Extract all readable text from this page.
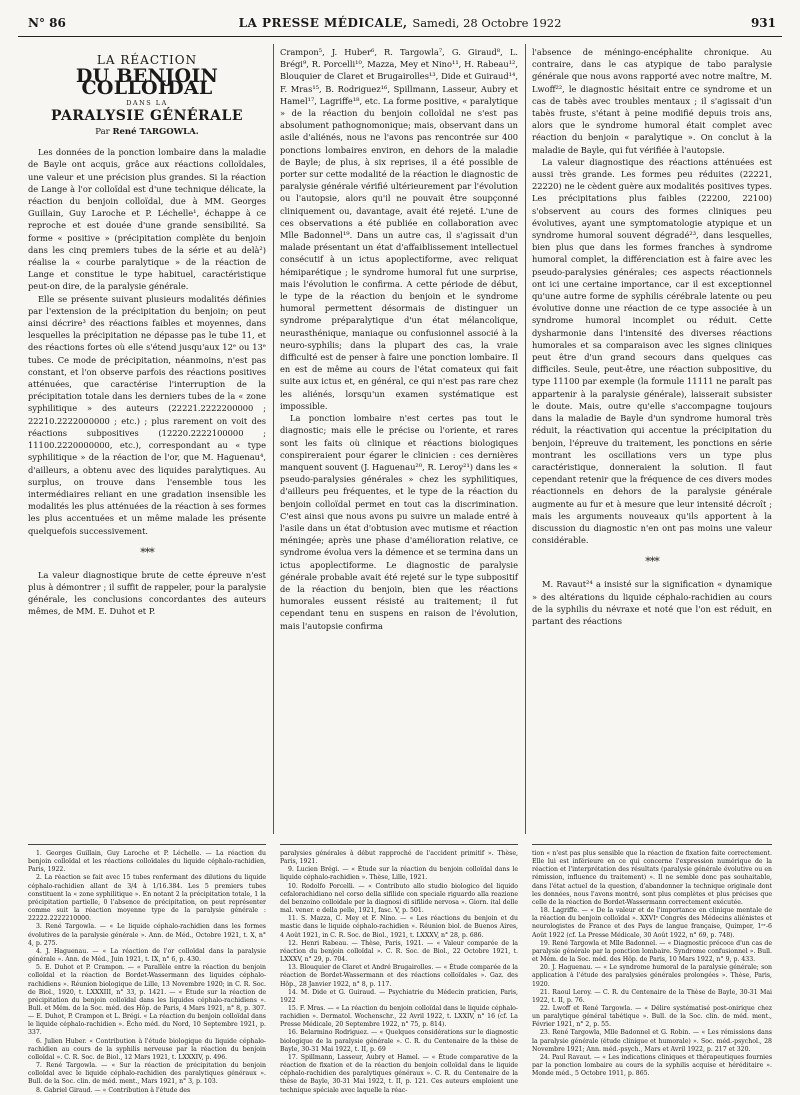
N° 86	LA PRESSE MÉDICALE, Samedi, 28 Octobre 1922	931
LA RÉACTION
DU BENJOIN COLLOIDAL
DANS LA
PARALYSIE GÉNÉRALE
Par René TARGOWLA.

Les données de la ponction lombaire dans la maladie de Bayle ont acquis, grâce aux réactions colloïdales, une valeur et une précision plus grandes. Si la réaction de Lange à l'or colloïdal est d'une technique délicate, la réaction du benjoin colloïdal, due à MM. Georges Guillain, Guy Laroche et P. Léchelle¹, échappe à ce reproche et est douée d'une grande sensibilité. Sa forme « positive » (précipitation complète du benjoin dans les cinq premiers tubes de la série et au delà²) réalise la « courbe paralytique » de la réaction de Lange et constitue le type habituel, caractéristique peut-on dire, de la paralysie générale.

Elle se présente suivant plusieurs modalités définies par l'extension de la précipitation du benjoin; on peut ainsi décrire³ des réactions faibles et moyennes, dans lesquelles la précipitation ne dépasse pas le tube 11, et des réactions fortes où elle s'étend jusqu'aux 12ᵉ ou 13ᵉ tubes. Ce mode de précipitation, néanmoins, n'est pas constant, et l'on observe parfois des réactions positives atténuées, que caractérise l'interruption de la précipitation totale dans les derniers tubes de la « zone syphilitique » des auteurs (22221.2222200000 ; 22210.2222000000 ; etc.) ; plus rarement on voit des réactions subpositives (12220.2222100000 ; 11100.2220000000, etc.), correspondant au « type syphilitique » de la réaction de l'or, que M. Haguenau⁴, d'ailleurs, a obtenu avec des liquides paralytiques. Au surplus, on trouve dans l'ensemble tous les intermédiaires reliant en une gradation insensible les modalités les plus atténuées de la réaction à ses formes les plus accentuées et un même malade les présente quelquefois successivement.

***

La valeur diagnostique brute de cette épreuve n'est plus à démontrer ; il suffit de rappeler, pour la paralysie générale, les conclusions concordantes des auteurs mêmes, de MM. E. Duhot et P.

Crampon⁵, J. Huber⁶, R. Targowla⁷, G. Giraud⁸, L. Brégi⁹, R. Porcelli¹⁰, Mazza, Mey et Nino¹¹, H. Rabeau¹², Blouquier de Claret et Brugairolles¹³, Dide et Guiraud¹⁴, F. Mras¹⁵, B. Rodriguez¹⁶, Spillmann, Lasseur, Aubry et Hamel¹⁷, Lagriffe¹⁸, etc. La forme positive, « paralytique » de la réaction du benjoin colloïdal ne s'est pas absolument pathognomonique; mais, observant dans un asile d'aliénés, nous ne l'avons pas rencontrée sur 400 ponctions lombaires environ, en dehors de la maladie de Bayle; de plus, à six reprises, il a été possible de porter sur cette modalité de la réaction le diagnostic de paralysie générale vérifié ultérieurement par l'évolution ou l'autopsie, alors qu'il ne pouvait être soupçonné cliniquement ou, davantage, avait été rejeté. L'une de ces observations a été publiée en collaboration avec Mlle Badonnel¹⁹. Dans un autre cas, il s'agissait d'un malade présentant un état d'affaiblissement intellectuel consécutif à un ictus apoplectiforme, avec reliquat hémiparétique ; le syndrome humoral fut une surprise, mais l'évolution le confirma. A cette période de début, le type de la réaction du benjoin et le syndrome humoral permettent désormais de distinguer un syndrome préparalytique d'un état mélancolique, neurasthénique, maniaque ou confusionnel associé à la neuro-syphilis; dans la plupart des cas, la vraie difficulté est de penser à faire une ponction lombaire. Il en est de même au cours de l'état comateux qui fait suite aux ictus et, en général, ce qui n'est pas rare chez les aliénés, lorsqu'un examen systématique est impossible.

La ponction lombaire n'est certes pas tout le diagnostic; mais elle le précise ou l'oriente, et rares sont les faits où clinique et réactions biologiques conspireraient pour égarer le clinicien : ces dernières manquent souvent (J. Haguenau²⁰, R. Leroy²¹) dans les « pseudo-paralysies générales » chez les syphilitiques, d'ailleurs peu fréquentes, et le type de la réaction du benjoin colloïdal permet en tout cas la discrimination. C'est ainsi que nous avons pu suivre un malade entré à l'asile dans un état d'obtusion avec mutisme et réaction méningée; après une phase d'amélioration relative, ce syndrome évolua vers la démence et se termina dans un ictus apoplectiforme. Le diagnostic de paralysie générale probable avait été rejeté sur le type subpositif de la réaction du benjoin, bien que les réactions humorales eussent résisté au traitement; il fut cependant tenu en suspens en raison de l'évolution, mais l'autopsie confirma

l'absence de méningo-encéphalite chronique. Au contraire, dans le cas atypique de tabo paralysie générale que nous avons rapporté avec notre maître, M. Lwoff²², le diagnostic hésitait entre ce syndrome et un cas de tabès avec troubles mentaux ; il s'agissait d'un tabès fruste, s'étant à peine modifié depuis trois ans, alors que le syndrome humoral était complet avec réaction du benjoin « paralytique ». On conclut à la maladie de Bayle, qui fut vérifiée à l'autopsie.

La valeur diagnostique des réactions atténuées est aussi très grande. Les formes peu réduites (22221, 22220) ne le cèdent guère aux modalités positives types. Les précipitations plus faibles (22200, 22100) s'observent au cours des formes cliniques peu évolutives, ayant une symptomatologie atypique et un syndrome humoral souvent dégradé²³, dans lesquelles, bien plus que dans les formes franches à syndrome humoral complet, la différenciation est à faire avec les pseudo-paralysies générales; ces aspects réactionnels ont ici une certaine importance, car il est exceptionnel qu'une autre forme de syphilis cérébrale latente ou peu évolutive donne une réaction de ce type associée à un syndrome humoral incomplet ou réduit. Cette dysharmonie dans l'intensité des diverses réactions humorales et sa comparaison avec les signes cliniques peut être d'un grand secours dans quelques cas difficiles. Seule, peut-être, une réaction subpositive, du type 11100 par exemple (la formule 11111 ne paraît pas appartenir à la paralysie générale), laisserait subsister le doute. Mais, outre qu'elle s'accompagne toujours dans la maladie de Bayle d'un syndrome humoral très réduit, la réactivation qui accentue la précipitation du benjoin, l'épreuve du traitement, les ponctions en série montrant les oscillations vers un type plus caractéristique, donneraient la solution. Il faut cependant retenir que la fréquence de ces divers modes réactionnels en dehors de la paralysie générale augmente au fur et à mesure que leur intensité décroît ; mais les arguments nouveaux qu'ils apportent à la discussion du diagnostic n'en ont pas moins une valeur considérable.

***

M. Ravaut²⁴ a insisté sur la signification « dynamique » des altérations du liquide céphalo-rachidien au cours de la syphilis du névraxe et noté que l'on est réduit, en partant des réactions

1. Georges Guillain, Guy Laroche et P. Léchelle. — La réaction du benjoin colloïdal et les réactions colloïdales du liquide céphalo-rachidien, Paris, 1922.

2. La réaction se fait avec 15 tubes renfermant des dilutions du liquide céphalo-rachidien allant de 3/4 à 1/16.384. Les 5 premiers tubes constituent la « zone syphilitique ». En notant 2 la précipitation totale, 1 la précipitation partielle, 0 l'absence de précipitation, on peut représenter comme suit la réaction moyenne type de la paralysie générale : 22222.2222210000.

3. René Targowla. — « Le liquide céphalo-rachidien dans les formes évolutives de la paralysie générale ». Ann. de Méd., Octobre 1921, t. X, n° 4, p. 275.

4. J. Haguenau. — « La réaction de l'or colloïdal dans la paralysie générale ». Ann. de Méd., Juin 1921, t. IX, n° 6, p. 430.

5. E. Duhot et P. Crampon. — « Parallèle entre la réaction du benjoin colloïdal et la réaction de Bordet-Wassermann des liquides céphalo-rachidiens ». Réunion biologique de Lille, 13 Novembre 1920; in C. R. Soc. de Biol., 1920, t. LXXXIII, n° 33, p. 1421. — « Étude sur la réaction de précipitation du benjoin colloïdal dans les liquides céphalo-rachidiens ». Bull. et Mém. de la Soc. méd. des Hôp. de Paris, 4 Mars 1921, n° 8, p. 307. — E. Duhot, P. Crampon et L. Brégi. « La réaction du benjoin colloïdal dans le liquide céphalo-rachidien ». Écho méd. du Nord, 10 Septembre 1921, p. 337.

6. Julien Huber. « Contribution à l'étude biologique du liquide céphalo-rachidien au cours de la syphilis nerveuse par la réaction du benjoin colloïdal ». C. R. Soc. de Biol., 12 Mars 1921, t. LXXXIV, p. 496.

7. René Targowla. — « Sur la réaction de précipitation du benjoin colloïdal avec le liquide céphalo-rachidien des paralytiques généraux ». Bull. de la Soc. clin. de méd. ment., Mars 1921, n° 3, p. 103.

8. Gabriel Giraud. — « Contribution à l'étude des

paralysies générales à début rapproché de l'accident primitif ». Thèse, Paris, 1921.

9. Lucien Brégi. — « Étude sur la réaction du benjoin colloïdal dans le liquide céphalo-rachidien ». Thèse, Lille, 1921.

10. Rodolfo Porcelli. — « Contributo allo studio biologico del liquido cefalorachidiano nel corso della sifilide con speciale riguardo alla reazione del benzoino colloidale per la diagnosi di sifilide nervosa ». Giorn. ital delle mal. vener. e della pelle, 1921, fasc. V, p. 501.

11. S. Mazza, C. Mey et F. Nino. — « Les réactions du benjoin et du mastic dans le liquide céphalo-rachidien ». Réunion biol. de Buenos Aires, 4 Août 1921, in C. R. Soc. de Biol., 1921, t. LXXXV, n° 28, p. 686.

12. Henri Rabeau. — Thèse, Paris, 1921. — « Valeur comparée de la réaction du benjoin colloïdal ». C. R. Soc. de Biol., 22 Octobre 1921, t. LXXXV, n° 29, p. 704.

13. Blouquier de Claret et André Brugairolles. — « Étude comparée de la réaction de Bordet-Wassermann et des réactions colloïdales ». Gaz. des Hôp., 28 Janvier 1922, n° 8, p. 117.

14. M. Dide et G. Guiraud. — Psychiatrie du Médecin praticien, Paris, 1922

15. F. Mras. — « La réaction du benjoin colloïdal dans le liquide céphalo-rachidien ». Dermatol. Wochenschr., 22 Avril 1922, t. LXXIV, n° 16 (cf. La Presse Médicale, 20 Septembre 1922, n° 75, p. 814).

16. Belarmino Rodriguez. — « Quelques considérations sur le diagnostic biologique de la paralysie générale ». C. R. du Centenaire de la thèse de Bayle, 30-31 Mai 1922, t. II, p. 69

17. Spillmann, Lasseur, Aubry et Hamel. — « Étude comparative de la réaction de fixation et de la réaction du benjoin colloïdal dans le liquide céphalo-rachidien des paralytiques généraux ». C. R. du Centenaire de la thèse de Bayle, 30-31 Mai 1922, t. II, p. 121. Ces auteurs emploient une technique spéciale avec laquelle la réac-

tion « n'est pas plus sensible que la réaction de fixation faite correctement. Elle lui est inférieure en ce qui concerne l'expression numérique de la réaction et l'interprétation des résultats (paralysie générale évolutive ou en rémission, influence du traitement) ». Il ne semble donc pas souhaitable, dans l'état actuel de la question, d'abandonner la technique originale dont les données, nous l'avons montré, sont plus complètes et plus précises que celle de la réaction de Bordet-Wassermann correctement exécutée.

18. Lagriffe. — « De la valeur et de l'importance en clinique mentale de la réaction du benjoin colloïdal ». XXVIᵉ Congrès des Médecins aliénistes et neurologistes de France et des Pays de langue française, Quimper, 1ᵉʳ-6 Août 1922 (cf. La Presse Médicale, 30 Août 1922, n° 69, p. 748).

19. René Targowla et Mlle Badonnel. — « Diagnostic précoce d'un cas de paralysie générale par la ponction lombaire. Syndrome confusionnel ». Bull. et Mém. de la Soc. méd. des Hôp. de Paris, 10 Mars 1922, n° 9, p. 433.

20. J. Haguenau. — « Le syndrome humoral de la paralysie générale; son application à l'étude des paralysies générales prolongées ». Thèse, Paris, 1920.

21. Raoul Leroy. — C. R. du Centenaire de la Thèse de Bayle, 30-31 Mai 1922, t. II, p. 76.

22. Lwoff et René Targowla. — « Délire systématisé post-onirique chez un paralytique général tabétique ». Bull. de la Soc. clin. de méd. ment., Février 1921, n° 2, p. 55.

23. René Targowla, Mlle Badonnel et G. Robin. — « Les rémissions dans la paralysie générale (étude clinique et humorale) ». Soc. méd.-psychol., 28 Novembre 1921; Ann. méd.-psych., Mars et Avril 1922, p. 217 et 320.

24. Paul Ravaut. — « Les indications cliniques et thérapeutiques fournies par la ponction lombaire au cours de la syphilis acquise et héréditaire ». Monde méd., 5 Octobre 1911, p. 865.
